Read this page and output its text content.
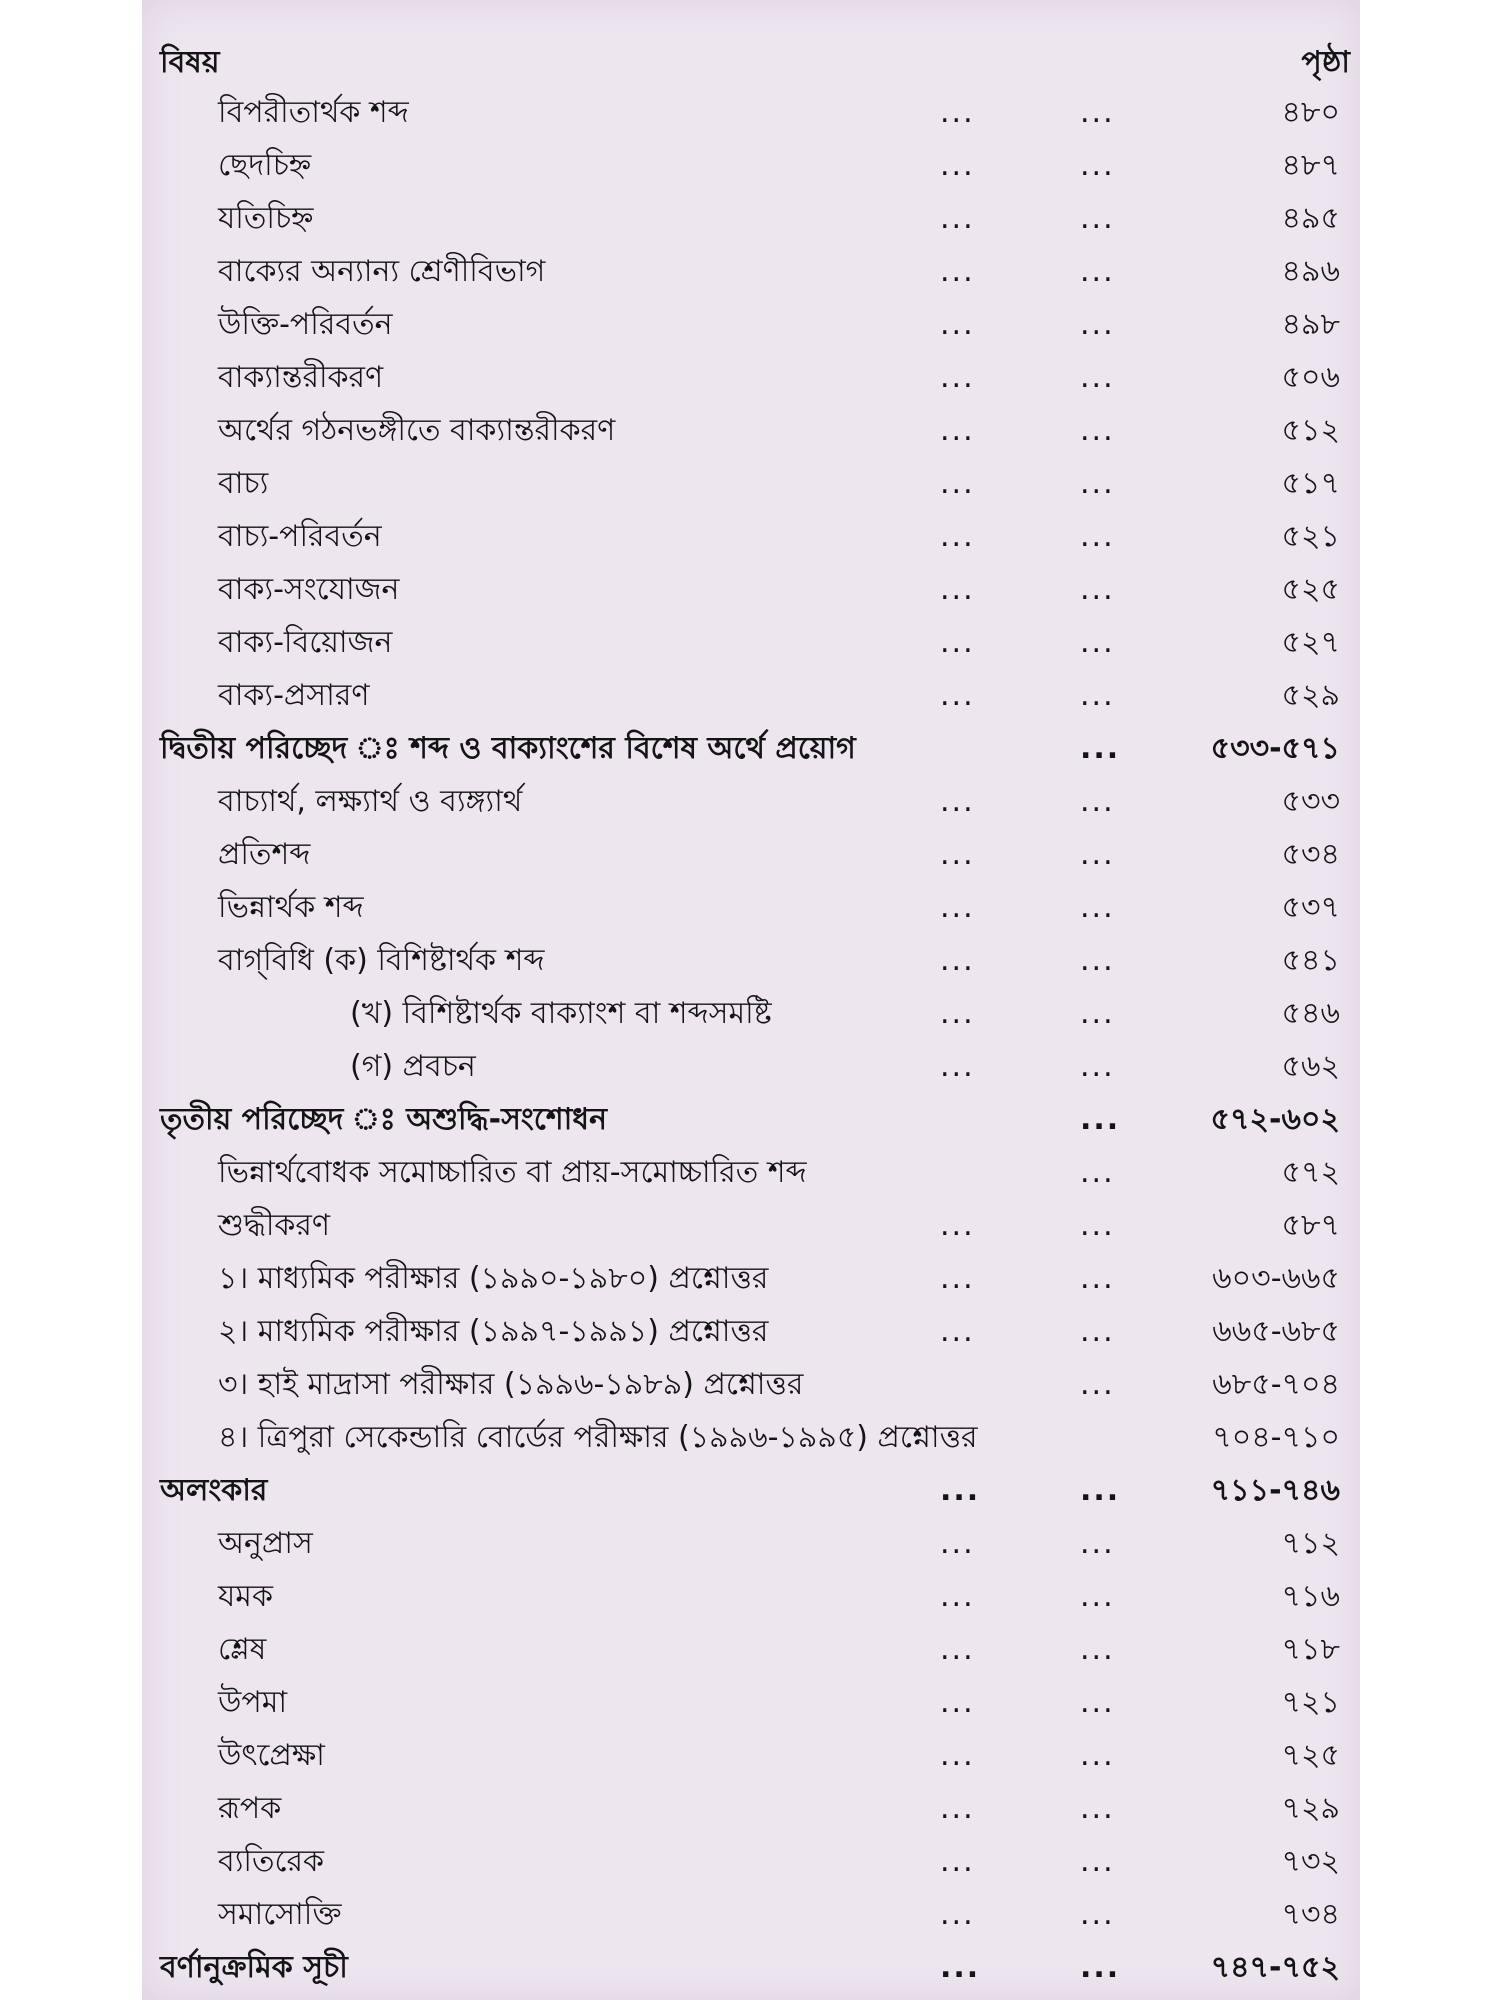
বিষয়	পৃষ্ঠা
বিপরীতার্থক শব্দ	...	...	৪৮০
ছেদচিহ্ন	...	...	৪৮৭
যতিচিহ্ন	...	...	৪৯৫
বাক্যের অন্যান্য শ্রেণীবিভাগ	...	...	৪৯৬
উক্তি-পরিবর্তন	...	...	৪৯৮
বাক্যান্তরীকরণ	...	...	৫০৬
অর্থের গঠনভঙ্গীতে বাক্যান্তরীকরণ	...	...	৫১২
বাচ্য	...	...	৫১৭
বাচ্য-পরিবর্তন	...	...	৫২১
বাক্য-সংযোজন	...	...	৫২৫
বাক্য-বিয়োজন	...	...	৫২৭
বাক্য-প্রসারণ	...	...	৫২৯
দ্বিতীয় পরিচ্ছেদ ঃ শব্দ ও বাক্যাংশের বিশেষ অর্থে প্রয়োগ	...	৫৩৩-৫৭১
বাচ্যার্থ, লক্ষ্যার্থ ও ব্যঙ্গ্যার্থ	...	...	৫৩৩
প্রতিশব্দ	...	...	৫৩৪
ভিন্নার্থক শব্দ	...	...	৫৩৭
বাগ্‌বিধি (ক) বিশিষ্টার্থক শব্দ	...	...	৫৪১
(খ) বিশিষ্টার্থক বাক্যাংশ বা শব্দসমষ্টি	...	...	৫৪৬
(গ) প্রবচন	...	...	৫৬২
তৃতীয় পরিচ্ছেদ ঃ অশুদ্ধি-সংশোধন	...	৫৭২-৬০২
ভিন্নার্থবোধক সমোচ্চারিত বা প্রায়-সমোচ্চারিত শব্দ	...	৫৭২
শুদ্ধীকরণ	...	...	৫৮৭
১। মাধ্যমিক পরীক্ষার (১৯৯০-১৯৮০) প্রশ্নোত্তর	...	...	৬০৩-৬৬৫
২। মাধ্যমিক পরীক্ষার (১৯৯৭-১৯৯১) প্রশ্নোত্তর	...	...	৬৬৫-৬৮৫
৩। হাই মাদ্রাসা পরীক্ষার (১৯৯৬-১৯৮৯) প্রশ্নোত্তর	...	৬৮৫-৭০৪
৪। ত্রিপুরা সেকেন্ডারি বোর্ডের পরীক্ষার (১৯৯৬-১৯৯৫) প্রশ্নোত্তর	৭০৪-৭১০
অলংকার	...	...	৭১১-৭৪৬
অনুপ্রাস	...	...	৭১২
যমক	...	...	৭১৬
শ্লেষ	...	...	৭১৮
উপমা	...	...	৭২১
উৎপ্রেক্ষা	...	...	৭২৫
রূপক	...	...	৭২৯
ব্যতিরেক	...	...	৭৩২
সমাসোক্তি	...	...	৭৩৪
বর্ণানুক্রমিক সূচী	...	...	৭৪৭-৭৫২
